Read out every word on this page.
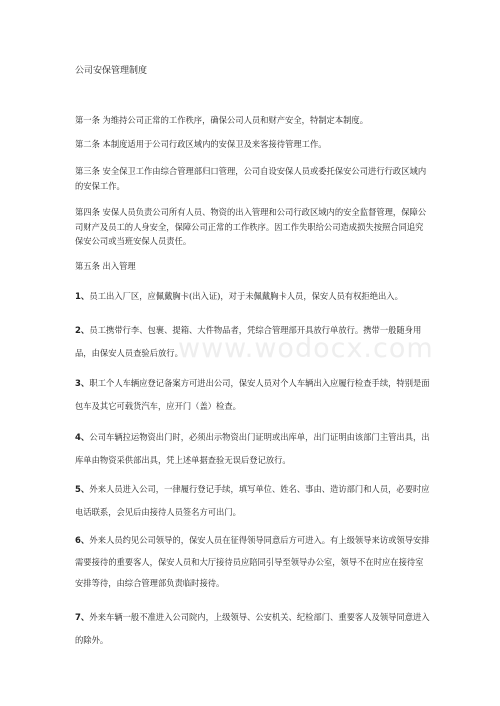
公司安保管理制度

第一条 为维持公司正常的工作秩序，确保公司人员和财产安全，特制定本制度。

第二条 本制度适用于公司行政区域内的安保卫及来客接待管理工作。

第三条 安全保卫工作由综合管理部归口管理，公司自设安保人员或委托保安公司进行行政区域内的安保工作。

第四条 安保人员负责公司所有人员、物资的出入管理和公司行政区域内的安全监督管理，保障公司财产及员工的人身安全，保障公司正常的工作秩序。因工作失职给公司造成损失按照合同追究保安公司或当班安保人员责任。

第五条 出入管理

1、员工出入厂区，应佩戴胸卡(出入证)，对于未佩戴胸卡人员，保安人员有权拒绝出入。

2、员工携带行李、包裹、提箱、大件物品者，凭综合管理部开具放行单放行。携带一般随身用品，由保安人员查验后放行。

3、职工个人车辆应登记备案方可进出公司，保安人员对个人车辆出入应履行检查手续，特别是面包车及其它可载货汽车，应开门（盖）检查。

4、公司车辆拉运物资出门时，必须出示物资出门证明或出库单，出门证明由该部门主管出具，出库单由物资采供部出具，凭上述单据查验无误后登记放行。

5、外来人员进入公司，一律履行登记手续，填写单位、姓名、事由、造访部门和人员，必要时应电话联系，会见后由接待人员签名方可出门。

6、外来人员约见公司领导的，保安人员在征得领导同意后方可进入。有上级领导来访或领导安排需要接待的重要客人，保安人员和大厅接待员应陪同引导至领导办公室，领导不在时应在接待室安排等待，由综合管理部负责临时接待。

7、外来车辆一般不准进入公司院内，上级领导、公安机关、纪检部门、重要客人及领导同意进入的除外。

www.wodocx.com
